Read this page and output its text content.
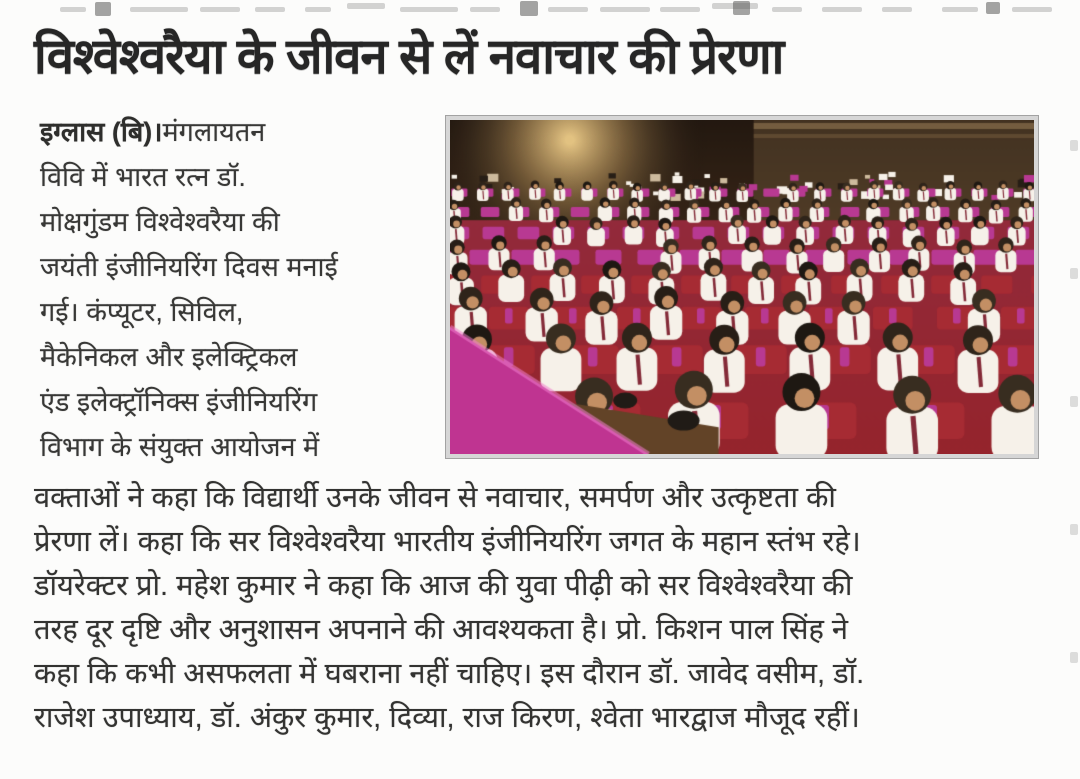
विश्वेश्वरैया के जीवन से लें नवाचार की प्रेरणा
इग्लास (बि)।मंगलायतन
विवि में भारत रत्न डॉ.
मोक्षगुंडम विश्वेश्वरैया की
जयंती इंजीनियरिंग दिवस मनाई
गई। कंप्यूटर, सिविल,
मैकेनिकल और इलेक्ट्रिकल
एंड इलेक्ट्रॉनिक्स इंजीनियरिंग
विभाग के संयुक्त आयोजन में
वक्ताओं ने कहा कि विद्यार्थी उनके जीवन से नवाचार, समर्पण और उत्कृष्टता की
प्रेरणा लें। कहा कि सर विश्वेश्वरैया भारतीय इंजीनियरिंग जगत के महान स्तंभ रहे।
डॉयरेक्टर प्रो. महेश कुमार ने कहा कि आज की युवा पीढ़ी को सर विश्वेश्वरैया की
तरह दूर दृष्टि और अनुशासन अपनाने की आवश्यकता है। प्रो. किशन पाल सिंह ने
कहा कि कभी असफलता में घबराना नहीं चाहिए। इस दौरान डॉ. जावेद वसीम, डॉ.
राजेश उपाध्याय, डॉ. अंकुर कुमार, दिव्या, राज किरण, श्वेता भारद्वाज मौजूद रहीं।
